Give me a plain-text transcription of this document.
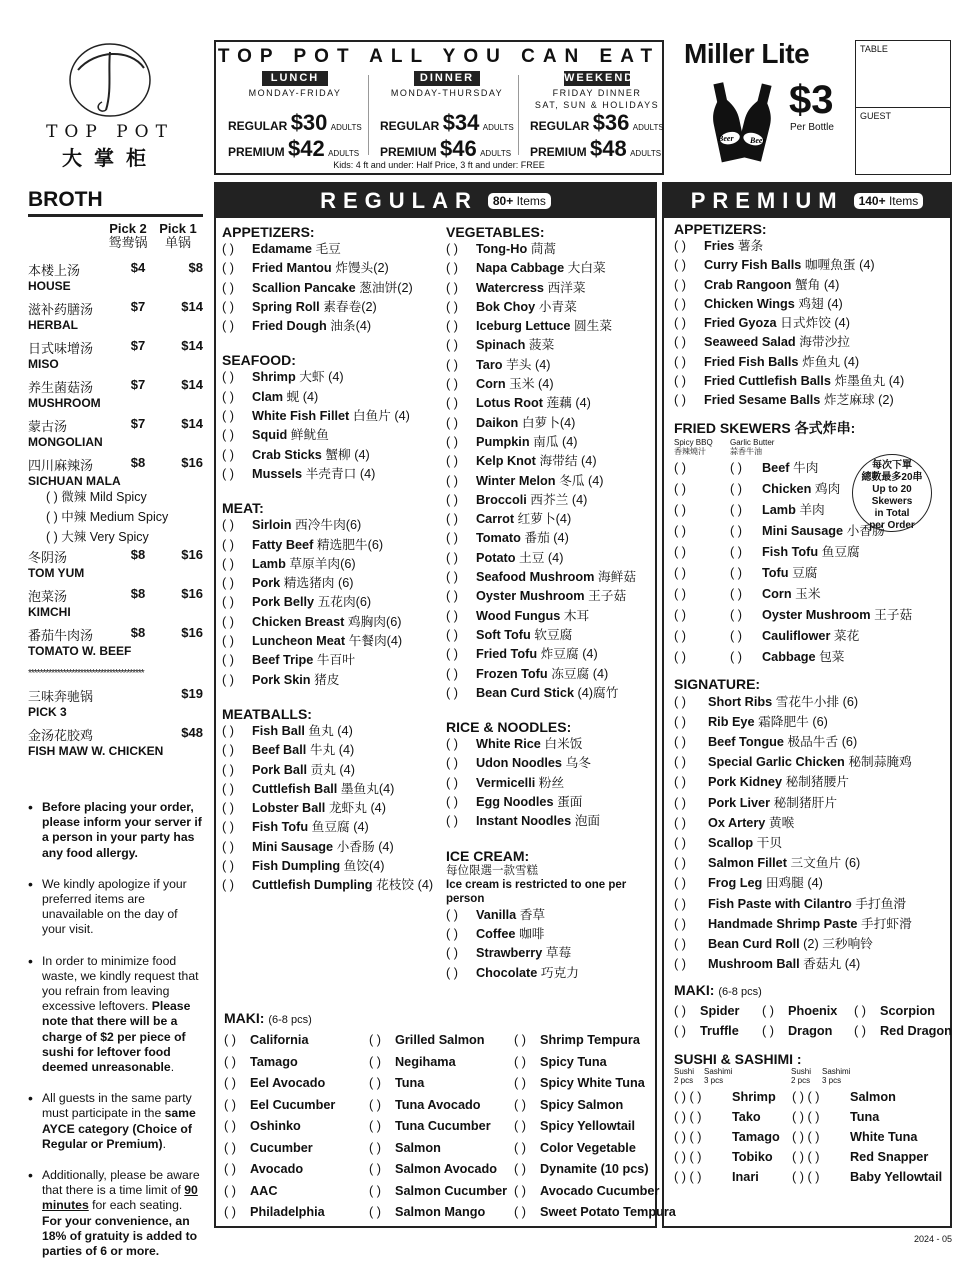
TOP POT
大掌柜
TOP POT ALL YOU CAN EAT
LUNCH
MONDAY-FRIDAY
REGULAR $30 ADULTS
PREMIUM $42 ADULTS
DINNER
MONDAY-THURSDAY
REGULAR $34 ADULTS
PREMIUM $46 ADULTS
WEEKEND
FRIDAY DINNER
SAT, SUN & HOLIDAYS
REGULAR $36 ADULTS
PREMIUM $48 ADULTS
Kids: 4 ft and under: Half Price, 3 ft and under: FREE
Miller Lite
Beer Beer
$3
Per Bottle
TABLE
GUEST
BROTH
Pick 2 Pick 1
鸳鸯锅	单锅
本楼上汤
HOUSE
$4	$8
滋补药膳汤
HERBAL
$7	$14
日式味增汤
MISO
$7	$14
养生菌菇汤
MUSHROOM
$7	$14
蒙古汤
MONGOLIAN
$7	$14
四川麻辣汤
SICHUAN MALA
$8	$16
( ) 微辣 Mild Spicy
( ) 中辣 Medium Spicy
( ) 大辣 Very Spicy
冬阴汤
TOM YUM
$8	$16
泡菜汤
KIMCHI
$8	$16
番茄牛肉汤
TOMATO W. BEEF
$8	$16
****************************************
三味奔驰锅
PICK 3
$19
金汤花胶鸡
FISH MAW W. CHICKEN
$48
• Before placing your order, please inform your server if a person in your party has any food allergy.
• We kindly apologize if your preferred items are unavailable on the day of your visit.
• In order to minimize food waste, we kindly request that you refrain from leaving excessive leftovers. Please note that there will be a charge of $2 per piece of sushi for leftover food deemed unreasonable.
• All guests in the same party must participate in the same AYCE category (Choice of Regular or Premium).
• Additionally, please be aware that there is a time limit of 90 minutes for each seating. For your convenience, an 18% of gratuity is added to parties of 6 or more.
REGULAR	80+ Items
APPETIZERS:
( ) Edamame 毛豆
( ) Fried Mantou 炸馒头(2)
( ) Scallion Pancake 葱油饼(2)
( ) Spring Roll 素春卷(2)
( ) Fried Dough 油条(4)
SEAFOOD:
( ) Shrimp 大虾 (4)
( ) Clam 蚬 (4)
( ) White Fish Fillet 白鱼片 (4)
( ) Squid 鲜鱿鱼
( ) Crab Sticks 蟹柳 (4)
( ) Mussels 半壳青口 (4)
MEAT:
( ) Sirloin 西冷牛肉(6)
( ) Fatty Beef 精选肥牛(6)
( ) Lamb 草原羊肉(6)
( ) Pork 精选猪肉 (6)
( ) Pork Belly 五花肉(6)
( ) Chicken Breast 鸡胸肉(6)
( ) Luncheon Meat 午餐肉(4)
( ) Beef Tripe 牛百叶
( ) Pork Skin 猪皮
MEATBALLS:
( ) Fish Ball 鱼丸 (4)
( ) Beef Ball 牛丸 (4)
( ) Pork Ball 贡丸 (4)
( ) Cuttlefish Ball 墨鱼丸(4)
( ) Lobster Ball 龙虾丸 (4)
( ) Fish Tofu 鱼豆腐 (4)
( ) Mini Sausage 小香肠 (4)
( ) Fish Dumpling 鱼饺(4)
( ) Cuttlefish Dumpling 花枝饺 (4)
VEGETABLES:
( ) Tong-Ho 茼蒿
( ) Napa Cabbage 大白菜
( ) Watercress 西洋菜
( ) Bok Choy 小青菜
( ) Iceburg Lettuce 圆生菜
( ) Spinach 菠菜
( ) Taro 芋头 (4)
( ) Corn 玉米 (4)
( ) Lotus Root 莲藕 (4)
( ) Daikon 白萝卜(4)
( ) Pumpkin 南瓜 (4)
( ) Kelp Knot 海带结 (4)
( ) Winter Melon 冬瓜 (4)
( ) Broccoli 西芥兰 (4)
( ) Carrot 红萝卜(4)
( ) Tomato 番茄 (4)
( ) Potato 土豆 (4)
( ) Seafood Mushroom 海鲜菇
( ) Oyster Mushroom 王子菇
( ) Wood Fungus 木耳
( ) Soft Tofu 软豆腐
( ) Fried Tofu 炸豆腐 (4)
( ) Frozen Tofu 冻豆腐 (4)
( ) Bean Curd Stick (4)腐竹
RICE & NOODLES:
( ) White Rice 白米饭
( ) Udon Noodles 乌冬
( ) Vermicelli 粉丝
( ) Egg Noodles 蛋面
( ) Instant Noodles 泡面
ICE CREAM:
每位限選一款雪糕
Ice cream is restricted to one per person
( ) Vanilla 香草
( ) Coffee 咖啡
( ) Strawberry 草莓
( ) Chocolate 巧克力
MAKI: (6-8 pcs)
( ) California	( ) Grilled Salmon	( ) Shrimp Tempura
( ) Tamago	( ) Negihama	( ) Spicy Tuna
( ) Eel Avocado	( ) Tuna	( ) Spicy White Tuna
( ) Eel Cucumber	( ) Tuna Avocado	( ) Spicy Salmon
( ) Oshinko	( ) Tuna Cucumber	( ) Spicy Yellowtail
( ) Cucumber	( ) Salmon	( ) Color Vegetable
( ) Avocado	( ) Salmon Avocado	( ) Dynamite (10 pcs)
( ) AAC	( ) Salmon Cucumber ( ) Avocado Cucumber
( ) Philadelphia	( ) Salmon Mango	( ) Sweet Potato Tempura
PREMIUM	140+ Items
APPETIZERS:
( ) Fries 薯条
( ) Curry Fish Balls 咖喱魚蛋 (4)
( ) Crab Rangoon 蟹角 (4)
( ) Chicken Wings 鸡翅 (4)
( ) Fried Gyoza 日式炸饺 (4)
( ) Seaweed Salad 海带沙拉
( ) Fried Fish Balls 炸鱼丸 (4)
( ) Fried Cuttlefish Balls 炸墨鱼丸 (4)
( ) Fried Sesame Balls 炸芝麻球 (2)
FRIED SKEWERS 各式炸串:
Spicy BBQ
香辣燒汁
Garlic Butter
蒜香牛油
( )	( ) Beef 牛肉
( )	( ) Chicken 鸡肉
( )	( ) Lamb 羊肉
( )	( ) Mini Sausage 小香肠
( )	( ) Fish Tofu 鱼豆腐
( )	( ) Tofu 豆腐
( )	( ) Corn 玉米
( )	( ) Oyster Mushroom 王子菇
( )	( ) Cauliflower 菜花
( )	( ) Cabbage 包菜
SIGNATURE:
( ) Short Ribs 雪花牛小排 (6)
( ) Rib Eye 霜降肥牛 (6)
( ) Beef Tongue 极品牛舌 (6)
( ) Special Garlic Chicken 秘制蒜腌鸡
( ) Pork Kidney 秘制猪腰片
( ) Pork Liver 秘制猪肝片
( ) Ox Artery 黄喉
( ) Scallop 干贝
( ) Salmon Fillet 三文鱼片 (6)
( ) Frog Leg 田鸡腿 (4)
( ) Fish Paste with Cilantro 手打鱼滑
( ) Handmade Shrimp Paste 手打虾滑
( ) Bean Curd Roll (2) 三秒响铃
( ) Mushroom Ball 香菇丸 (4)
MAKI: (6-8 pcs)
( ) Spider	( ) Phoenix	( ) Scorpion
( ) Truffle	( ) Dragon	( ) Red Dragon
SUSHI & SASHIMI :
Sushi
2 pcs
Sashimi
3 pcs
Sushi
2 pcs
Sashimi
3 pcs
( ) ( ) Shrimp	( ) ( ) Salmon
( ) ( ) Tako	( ) ( ) Tuna
( ) ( ) Tamago ( ) ( ) White Tuna
( ) ( ) Tobiko	( ) ( ) Red Snapper
( ) ( ) Inari	( ) ( ) Baby Yellowtail
每次下單
總數最多20串
Up to 20 Skewers
in Total
per Order
2024 - 05
